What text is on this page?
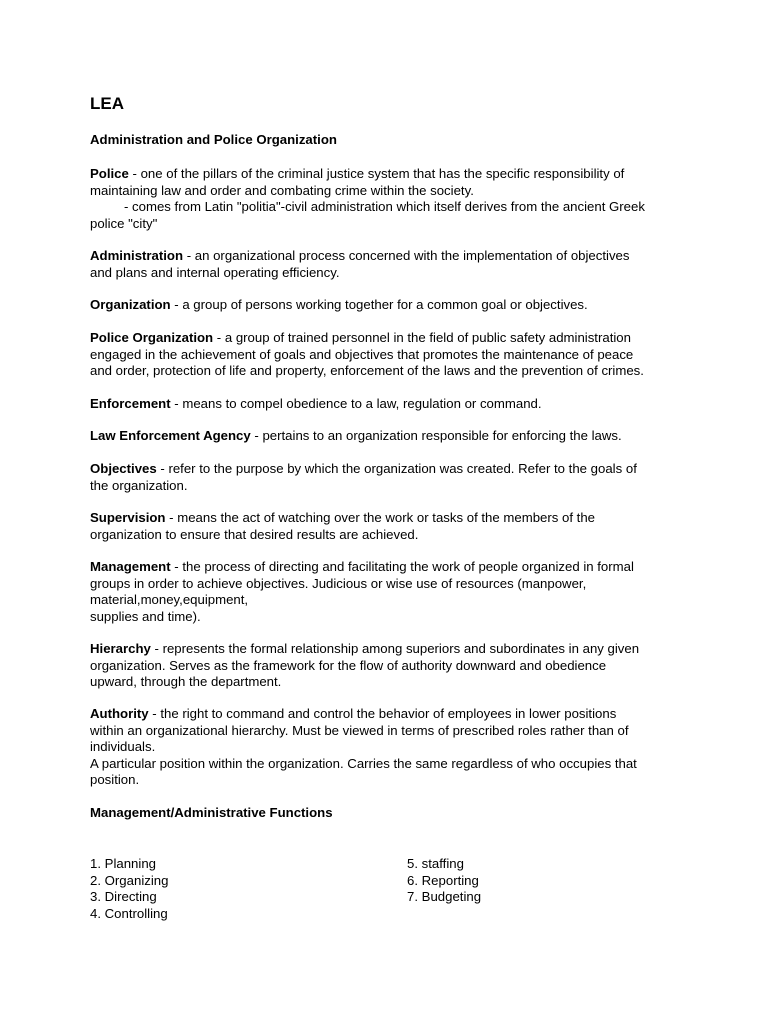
LEA
Administration and Police Organization
Police - one of the pillars of the criminal justice system that has the specific responsibility of
maintaining law and order and combating crime within the society.
- comes from Latin "politia"-civil administration which itself derives from the ancient Greek
police "city"
Administration - an organizational process concerned with the implementation of objectives
and plans and internal operating efficiency.
Organization - a group of persons working together for a common goal or objectives.
Police Organization - a group of trained personnel in the field of public safety administration
engaged in the achievement of goals and objectives that promotes the maintenance of peace
and order, protection of life and property, enforcement of the laws and the prevention of crimes.
Enforcement - means to compel obedience to a law, regulation or command.
Law Enforcement Agency - pertains to an organization responsible for enforcing the laws.
Objectives - refer to the purpose by which the organization was created. Refer to the goals of
the organization.
Supervision - means the act of watching over the work or tasks of the members of the
organization to ensure that desired results are achieved.
Management - the process of directing and facilitating the work of people organized in formal
groups in order to achieve objectives. Judicious or wise use of resources (manpower,
material,money,equipment,
supplies and time).
Hierarchy - represents the formal relationship among superiors and subordinates in any given
organization. Serves as the framework for the flow of authority downward and obedience
upward, through the department.
Authority - the right to command and control the behavior of employees in lower positions
within an organizational hierarchy. Must be viewed in terms of prescribed roles rather than of
individuals.
A particular position within the organization. Carries the same regardless of who occupies that
position.
Management/Administrative Functions
1. Planning
2. Organizing
3. Directing
4. Controlling
5. staffing
6. Reporting
7. Budgeting
